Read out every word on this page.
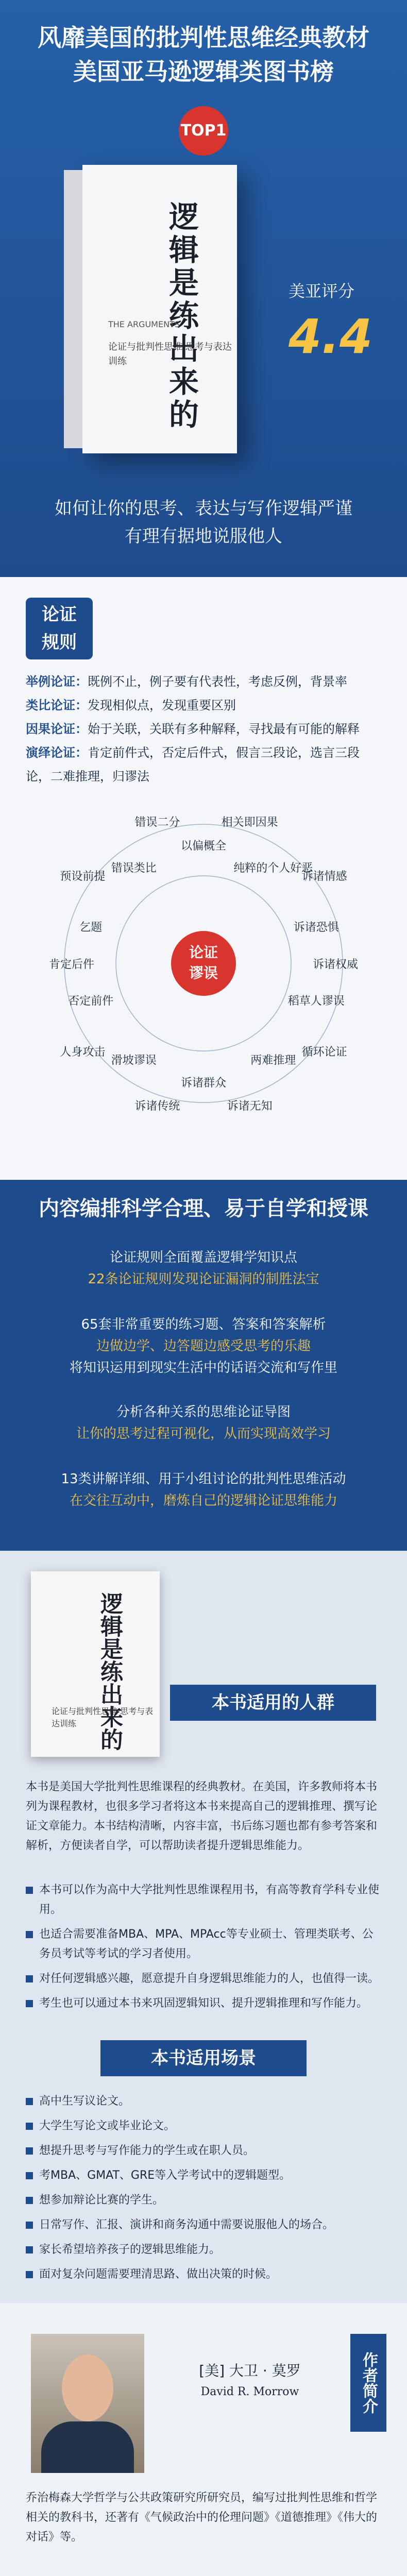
风靡美国的批判性思维经典教材
美国亚马逊逻辑类图书榜
TOP1
逻辑是练出来的
THE ARGUMENTS
论证与批判性思维 思考与表达训练
美亚评分
4.4
如何让你的思考、表达与写作逻辑严谨
有理有据地说服他人
论证
规则
举例论证：既例不止，例子要有代表性，考虑反例，背景率
类比论证：发现相似点，发现重要区别
因果论证：始于关联，关联有多种解释，寻找最有可能的解释
演绎论证：肯定前件式，否定后件式，假言三段论，选言三段论，二难推理，归谬法
论证
谬误
以偏概全
相关即因果
纯粹的个人好恶
诉诸情感
诉诸恐惧
诉诸权威
稻草人谬误
循环论证
两难推理
诉诸无知
诉诸群众
诉诸传统
滑坡谬误
人身攻击
否定前件
肯定后件
乞题
预设前提
错误类比
错误二分
内容编排科学合理、易于自学和授课
论证规则全面覆盖逻辑学知识点
22条论证规则发现论证漏洞的制胜法宝
65套非常重要的练习题、答案和答案解析
边做边学、边答题边感受思考的乐趣
将知识运用到现实生活中的话语交流和写作里
分析各种关系的思维论证导图
让你的思考过程可视化，从而实现高效学习
13类讲解详细、用于小组讨论的批判性思维活动
在交往互动中，磨炼自己的逻辑论证思维能力
逻辑是练出来的
论证与批判性思维 思考与表达训练
本书适用的人群
本书是美国大学批判性思维课程的经典教材。在美国，许多教师将本书列为课程教材，也很多学习者将这本书来提高自己的逻辑推理、撰写论证文章能力。本书结构清晰，内容丰富，书后练习题也都有参考答案和解析，方便读者自学，可以帮助读者提升逻辑思维能力。
本书可以作为高中大学批判性思维课程用书，有高等教育学科专业使用。
也适合需要准备MBA、MPA、MPAcc等专业硕士、管理类联考、公务员考试等考试的学习者使用。
对任何逻辑感兴趣，愿意提升自身逻辑思维能力的人，也值得一读。
考生也可以通过本书来巩固逻辑知识、提升逻辑推理和写作能力。
本书适用场景
高中生写议论文。
大学生写论文或毕业论文。
想提升思考与写作能力的学生或在职人员。
考MBA、GMAT、GRE等入学考试中的逻辑题型。
想参加辩论比赛的学生。
日常写作、汇报、演讲和商务沟通中需要说服他人的场合。
家长希望培养孩子的逻辑思维能力。
面对复杂问题需要理清思路、做出决策的时候。
[美] 大卫 · 莫罗
David R. Morrow	作者简介
乔治梅森大学哲学与公共政策研究所研究员，编写过批判性思维和哲学相关的教科书，还著有《气候政治中的伦理问题》《道德推理》《伟大的对话》等。
